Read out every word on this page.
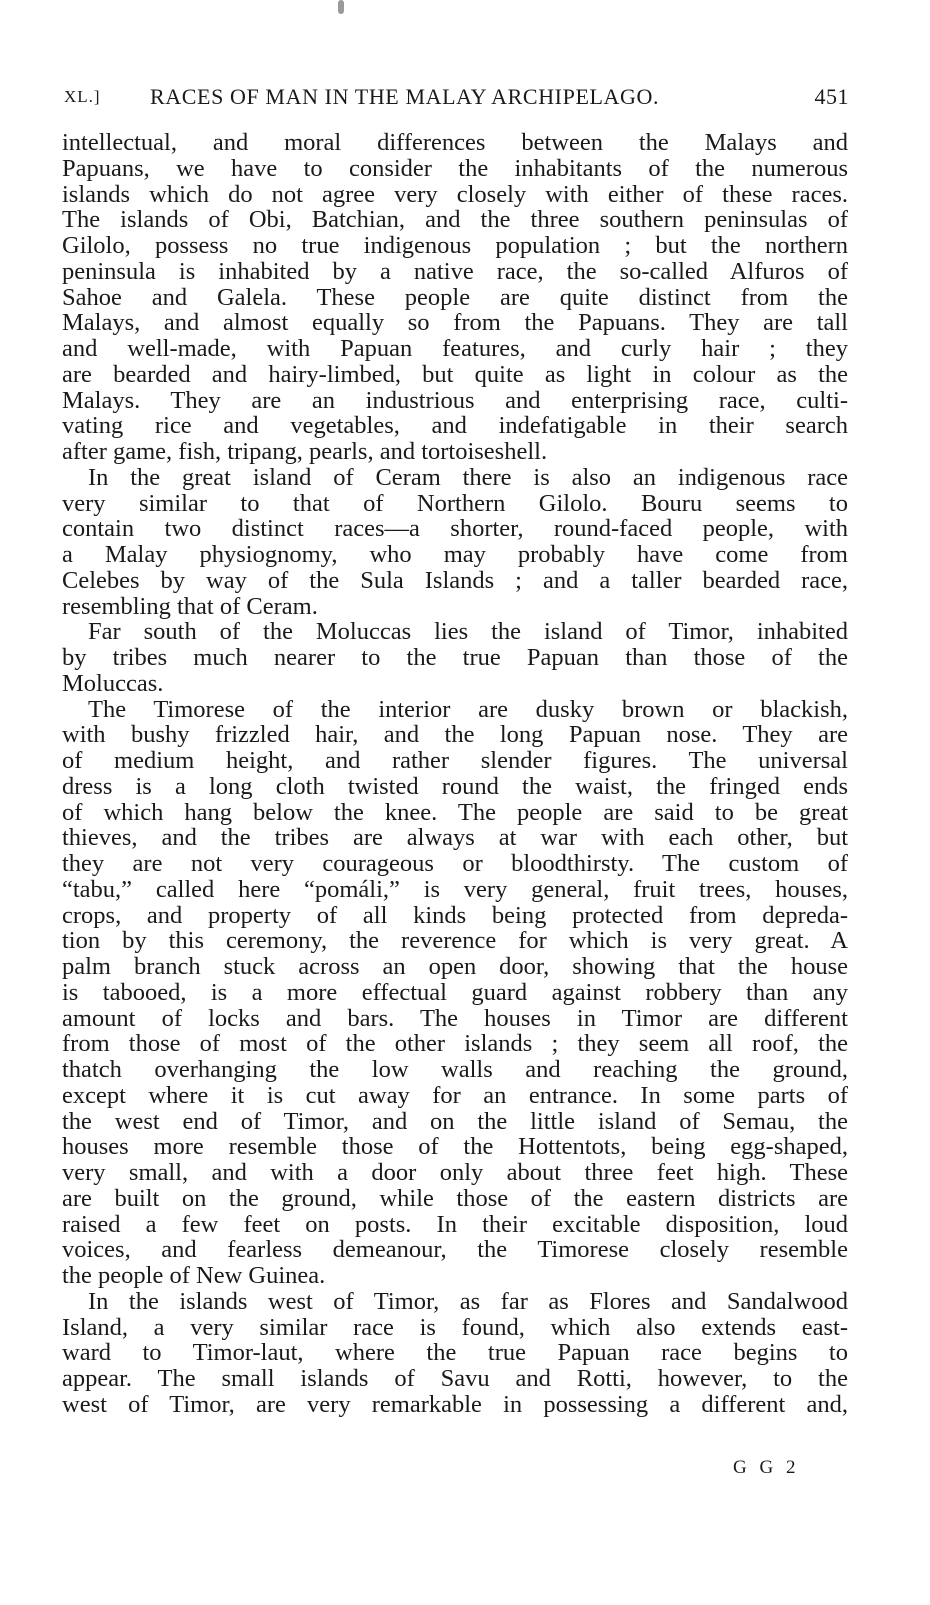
XL.] RACES OF MAN IN THE MALAY ARCHIPELAGO.	451
intellectual, and moral differences between the Malays and
Papuans, we have to consider the inhabitants of the numerous
islands which do not agree very closely with either of these races.
The islands of Obi, Batchian, and the three southern peninsulas of
Gilolo, possess no true indigenous population ; but the northern
peninsula is inhabited by a native race, the so-called Alfuros of
Sahoe and Galela. These people are quite distinct from the
Malays, and almost equally so from the Papuans. They are tall
and well-made, with Papuan features, and curly hair ; they
are bearded and hairy-limbed, but quite as light in colour as the
Malays. They are an industrious and enterprising race, culti-
vating rice and vegetables, and indefatigable in their search
after game, fish, tripang, pearls, and tortoiseshell.
In the great island of Ceram there is also an indigenous race
very similar to that of Northern Gilolo. Bouru seems to
contain two distinct races—a shorter, round-faced people, with
a Malay physiognomy, who may probably have come from
Celebes by way of the Sula Islands ; and a taller bearded race,
resembling that of Ceram.
Far south of the Moluccas lies the island of Timor, inhabited
by tribes much nearer to the true Papuan than those of the
Moluccas.
The Timorese of the interior are dusky brown or blackish,
with bushy frizzled hair, and the long Papuan nose. They are
of medium height, and rather slender figures. The universal
dress is a long cloth twisted round the waist, the fringed ends
of which hang below the knee. The people are said to be great
thieves, and the tribes are always at war with each other, but
they are not very courageous or bloodthirsty. The custom of
“tabu,” called here “pomáli,” is very general, fruit trees, houses,
crops, and property of all kinds being protected from depreda-
tion by this ceremony, the reverence for which is very great. A
palm branch stuck across an open door, showing that the house
is tabooed, is a more effectual guard against robbery than any
amount of locks and bars. The houses in Timor are different
from those of most of the other islands ; they seem all roof, the
thatch overhanging the low walls and reaching the ground,
except where it is cut away for an entrance. In some parts of
the west end of Timor, and on the little island of Semau, the
houses more resemble those of the Hottentots, being egg-shaped,
very small, and with a door only about three feet high. These
are built on the ground, while those of the eastern districts are
raised a few feet on posts. In their excitable disposition, loud
voices, and fearless demeanour, the Timorese closely resemble
the people of New Guinea.
In the islands west of Timor, as far as Flores and Sandalwood
Island, a very similar race is found, which also extends east-
ward to Timor-laut, where the true Papuan race begins to
appear. The small islands of Savu and Rotti, however, to the
west of Timor, are very remarkable in possessing a different and,
G G 2
